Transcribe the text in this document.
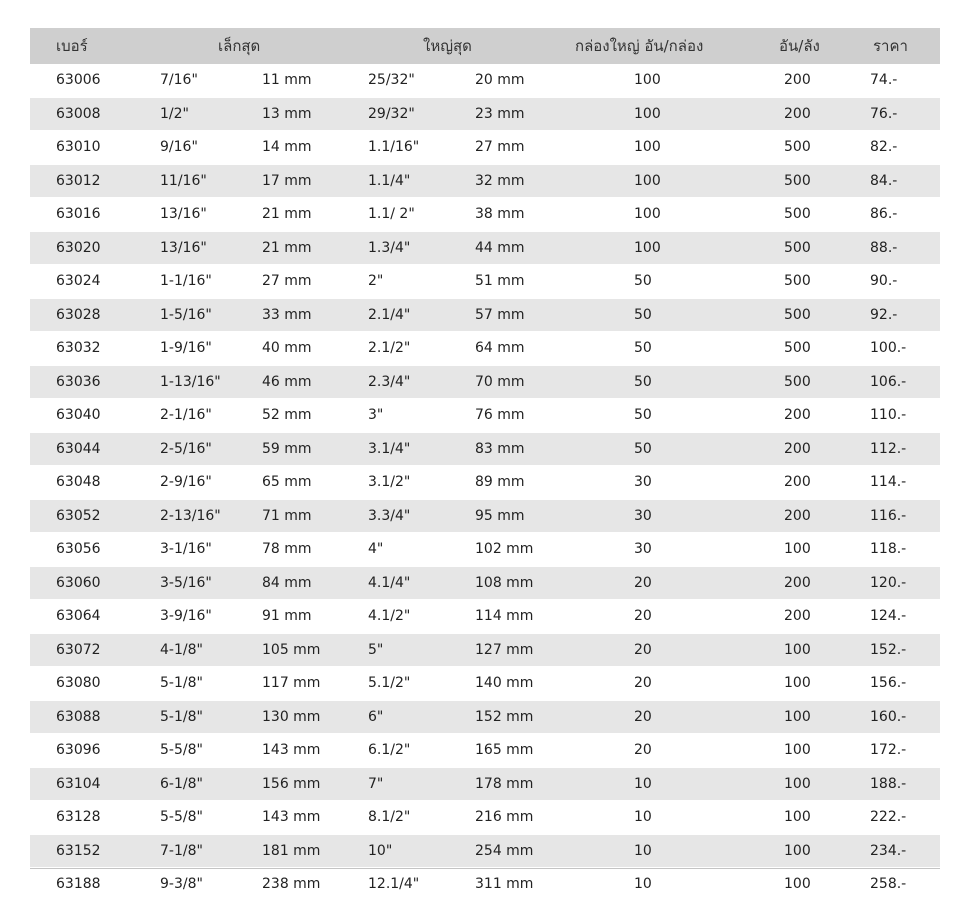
เบอร์	เล็กสุด	ใหญ่สุด	กล่องใหญ่ อัน/กล่อง	อัน/ลัง	ราคา
63006	7/16"	11 mm	25/32"	20 mm	100	200	74.-
63008	1/2"	13 mm	29/32"	23 mm	100	200	76.-
63010	9/16"	14 mm	1.1/16"	27 mm	100	500	82.-
63012	11/16"	17 mm	1.1/4"	32 mm	100	500	84.-
63016	13/16"	21 mm	1.1/ 2"	38 mm	100	500	86.-
63020	13/16"	21 mm	1.3/4"	44 mm	100	500	88.-
63024	1-1/16"	27 mm	2"	51 mm	50	500	90.-
63028	1-5/16"	33 mm	2.1/4"	57 mm	50	500	92.-
63032	1-9/16"	40 mm	2.1/2"	64 mm	50	500	100.-
63036	1-13/16"	46 mm	2.3/4"	70 mm	50	500	106.-
63040	2-1/16"	52 mm	3"	76 mm	50	200	110.-
63044	2-5/16"	59 mm	3.1/4"	83 mm	50	200	112.-
63048	2-9/16"	65 mm	3.1/2"	89 mm	30	200	114.-
63052	2-13/16"	71 mm	3.3/4"	95 mm	30	200	116.-
63056	3-1/16"	78 mm	4"	102 mm	30	100	118.-
63060	3-5/16"	84 mm	4.1/4"	108 mm	20	200	120.-
63064	3-9/16"	91 mm	4.1/2"	114 mm	20	200	124.-
63072	4-1/8"	105 mm	5"	127 mm	20	100	152.-
63080	5-1/8"	117 mm	5.1/2"	140 mm	20	100	156.-
63088	5-1/8"	130 mm	6"	152 mm	20	100	160.-
63096	5-5/8"	143 mm	6.1/2"	165 mm	20	100	172.-
63104	6-1/8"	156 mm	7"	178 mm	10	100	188.-
63128	5-5/8"	143 mm	8.1/2"	216 mm	10	100	222.-
63152	7-1/8"	181 mm	10"	254 mm	10	100	234.-
63188	9-3/8"	238 mm	12.1/4"	311 mm	10	100	258.-
